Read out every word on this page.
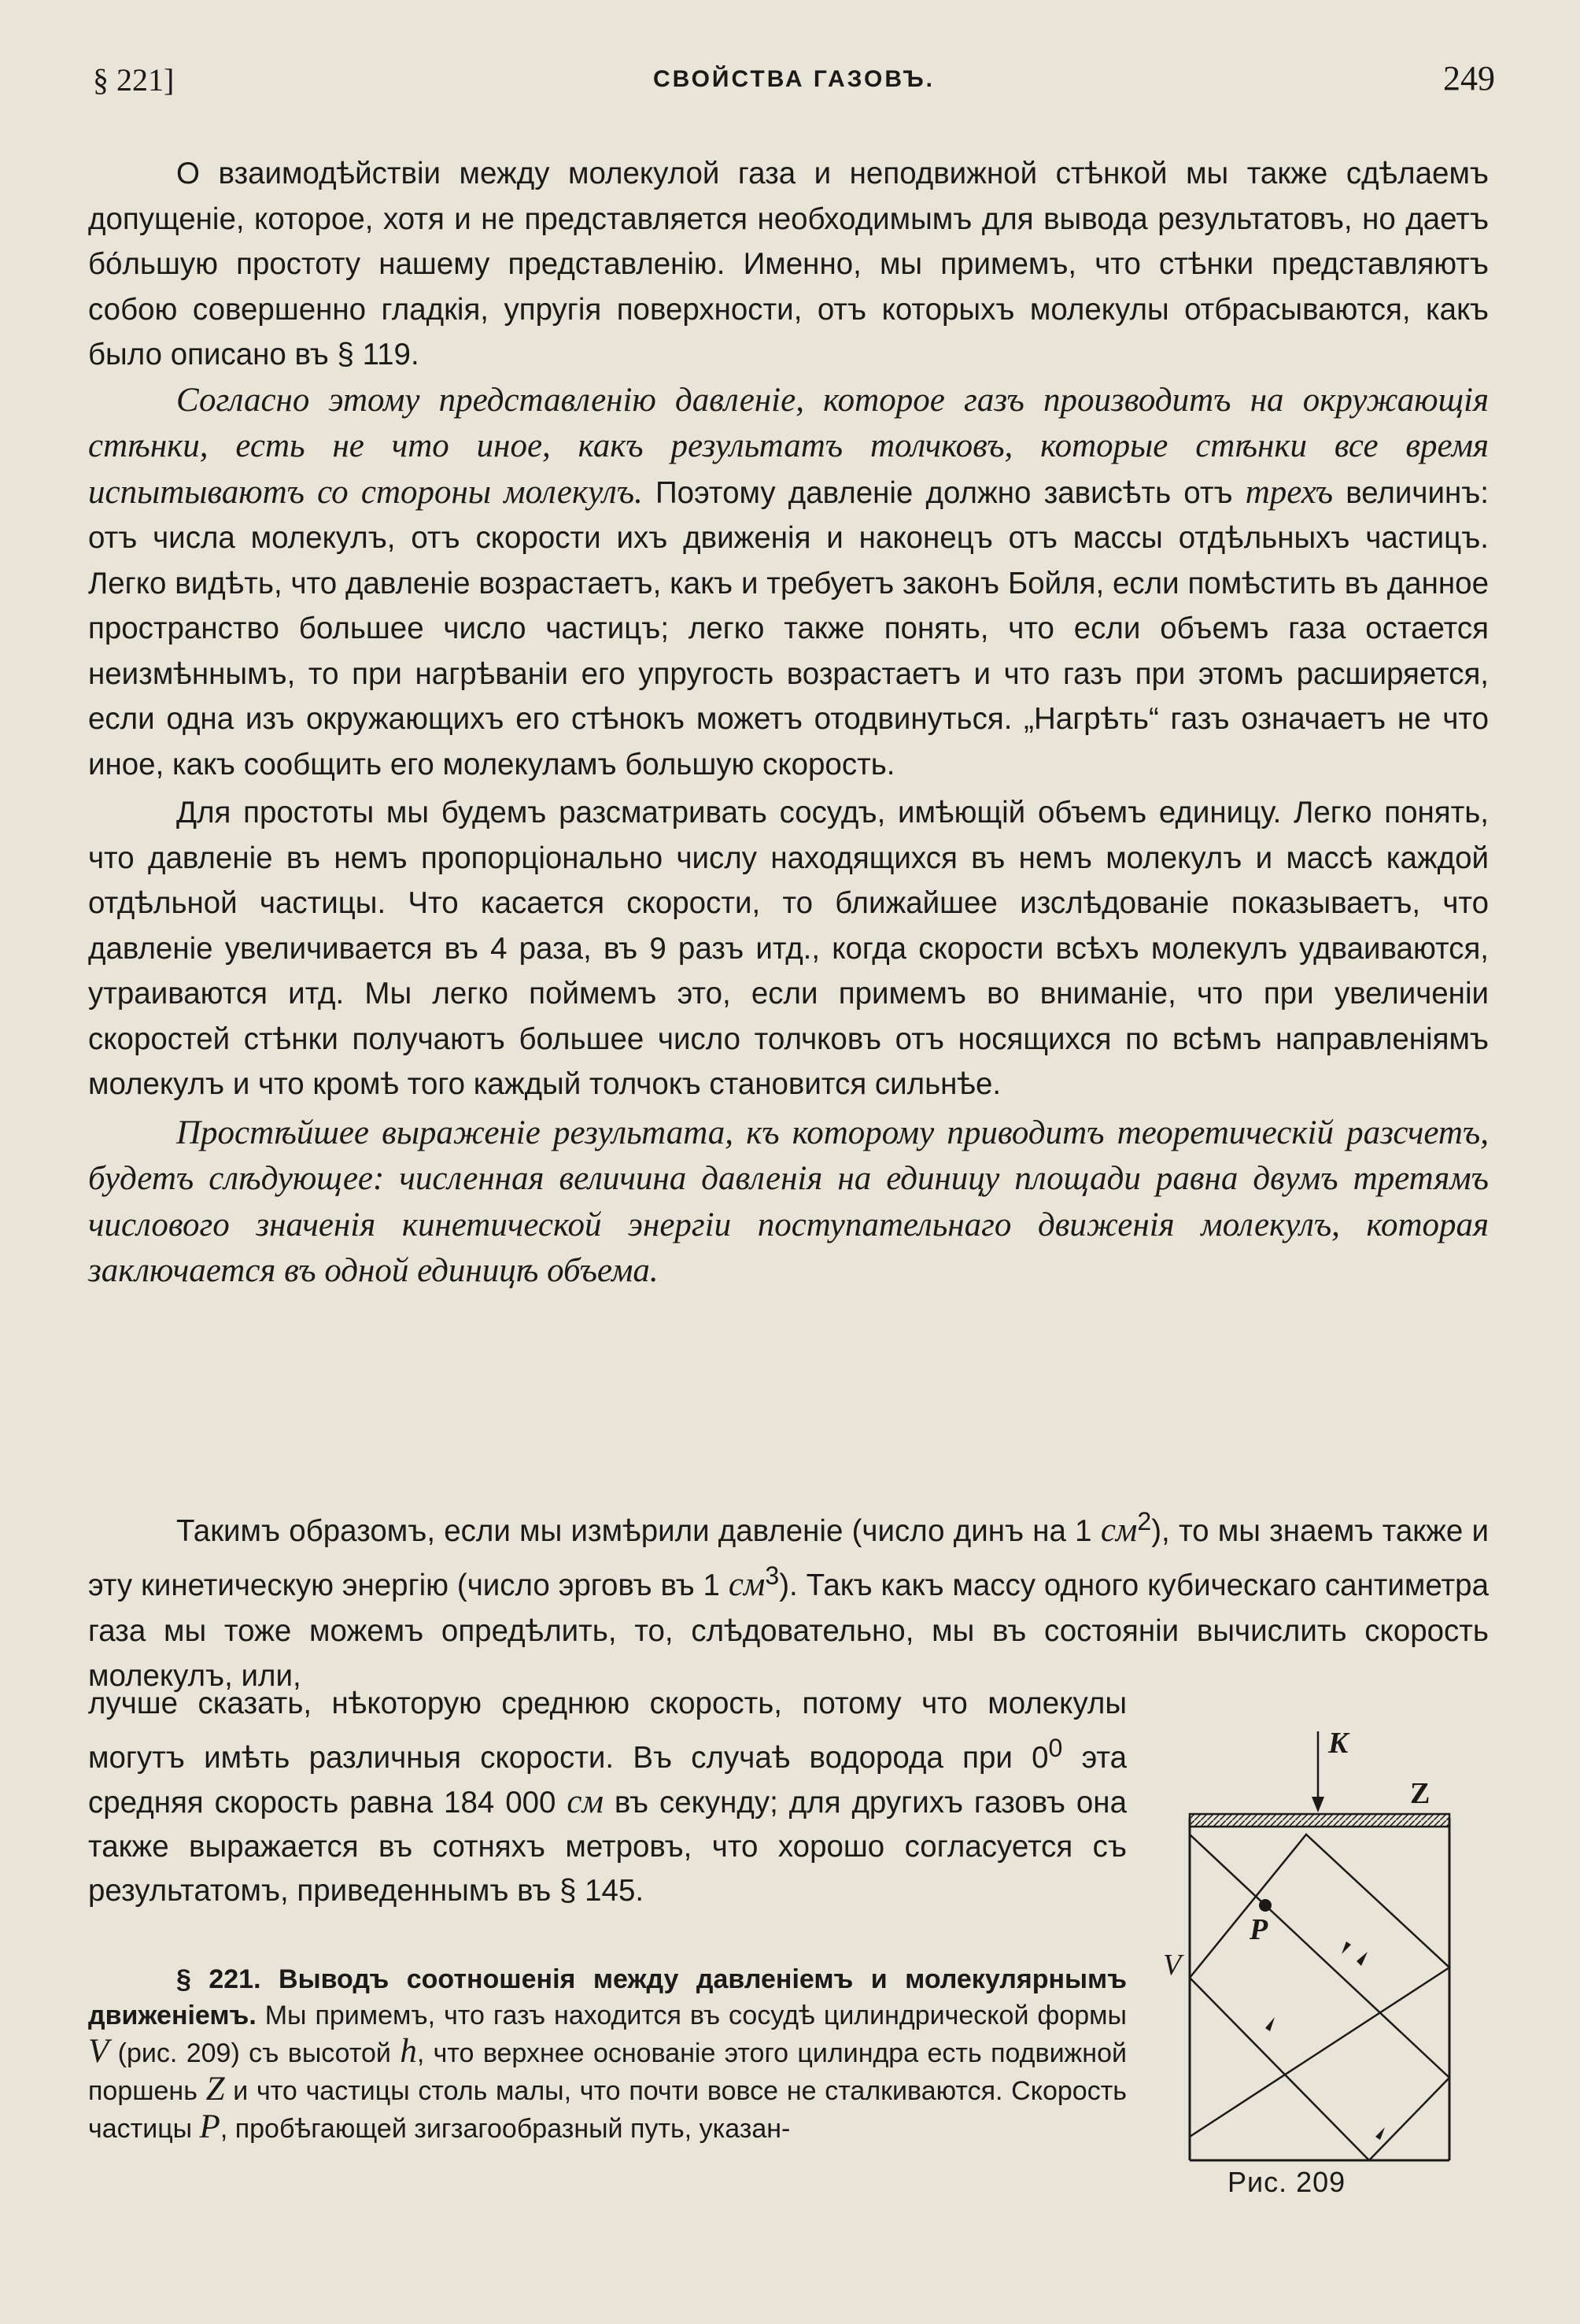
§ 221]	СВОЙСТВА ГАЗОВЪ.	249

О взаимодѣйствіи между молекулой газа и неподвижной стѣнкой мы также сдѣлаемъ допущеніе, которое, хотя и не представляется необходимымъ для вывода результатовъ, но даетъ бо́льшую простоту нашему представленію. Именно, мы примемъ, что стѣнки представляютъ собою совершенно гладкія, упругія поверхности, отъ которыхъ молекулы отбрасываются, какъ было описано въ § 119.

Согласно этому представленію давленіе, которое газъ производитъ на окружающія стѣнки, есть не что иное, какъ результатъ толчковъ, которые стѣнки все время испытываютъ со стороны молекулъ. Поэтому давленіе должно зависѣть отъ трехъ величинъ: отъ числа молекулъ, отъ скорости ихъ движенія и наконецъ отъ массы отдѣльныхъ частицъ. Легко видѣть, что давленіе возрастаетъ, какъ и требуетъ законъ Бойля, если помѣстить въ данное пространство большее число частицъ; легко также понять, что если объемъ газа остается неизмѣннымъ, то при нагрѣваніи его упругость возрастаетъ и что газъ при этомъ расширяется, если одна изъ окружающихъ его стѣнокъ можетъ отодвинуться. „Нагрѣть“ газъ означаетъ не что иное, какъ сообщить его молекуламъ большую скорость.

Для простоты мы будемъ разсматривать сосудъ, имѣющій объемъ единицу. Легко понять, что давленіе въ немъ пропорціонально числу находящихся въ немъ молекулъ и массѣ каждой отдѣльной частицы. Что касается скорости, то ближайшее изслѣдованіе показываетъ, что давленіе увеличивается въ 4 раза, въ 9 разъ итд., когда скорости всѣхъ молекулъ удваиваются, утраиваются итд. Мы легко поймемъ это, если примемъ во вниманіе, что при увеличеніи скоростей стѣнки получаютъ большее число толчковъ отъ носящихся по всѣмъ направленіямъ молекулъ и что кромѣ того каждый толчокъ становится сильнѣе.

Простѣйшее выраженіе результата, къ которому приводитъ теоретическій разсчетъ, будетъ слѣдующее: численная величина давленія на единицу площади равна двумъ третямъ числового значенія кинетической энергіи поступательнаго движенія молекулъ, которая заключается въ одной единицѣ объема.

Такимъ образомъ, если мы измѣрили давленіе (число динъ на 1 $см^2$), то мы знаемъ также и эту кинетическую энергію (число эрговъ въ 1 $см^3$). Такъ какъ массу одного кубическаго сантиметра газа мы тоже можемъ опредѣлить, то, слѣдовательно, мы въ состояніи вычислить скорость молекулъ, или,

лучше сказать, нѣкоторую среднюю скорость, потому что молекулы могутъ имѣть различныя скорости. Въ случаѣ водорода при $0^0$ эта средняя скорость равна 184 000 см въ секунду; для другихъ газовъ она также выражается въ сотняхъ метровъ, что хорошо согласуется съ результатомъ, приведеннымъ въ § 145.

§ 221. Выводъ соотношенія между давленіемъ и молекулярнымъ движеніемъ. Мы примемъ, что газъ находится въ сосудѣ цилиндрической формы V (рис. 209) съ высотой h, что верхнее основаніе этого цилиндра есть подвижной поршень Z и что частицы столь малы, что почти вовсе не сталкиваются. Скорость частицы P, пробѣгающей зигзагообразный путь, указан-

K
Z
P
V
Рис. 209
